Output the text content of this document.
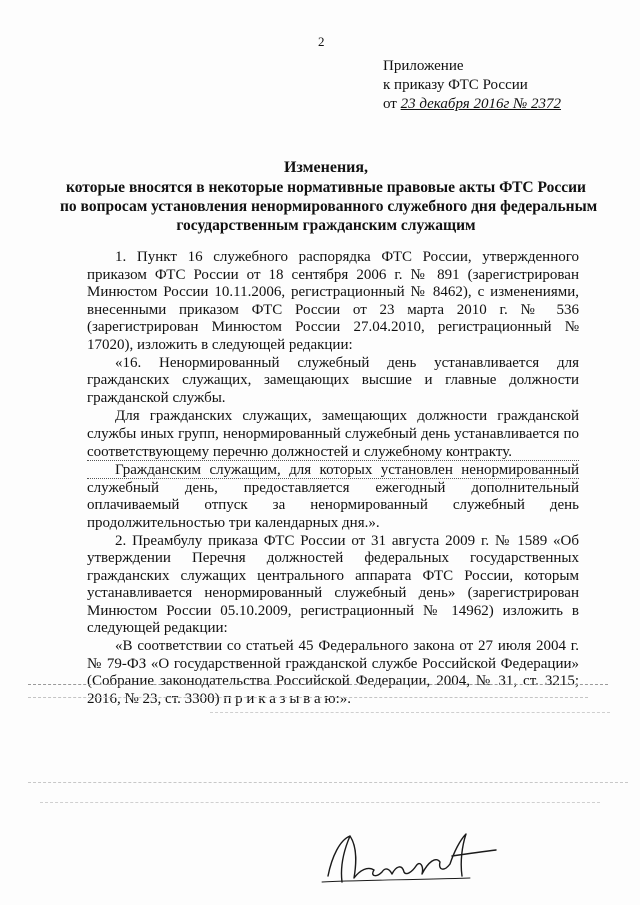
2
Приложение
к приказу ФТС России
от 23 декабря 2016г № 2372
Изменения,
которые вносятся в некоторые нормативные правовые акты ФТС России
по вопросам установления ненормированного служебного дня федеральным
государственным гражданским служащим

1. Пункт 16 служебного распорядка ФТС России, утвержденного приказом ФТС России от 18 сентября 2006 г. № 891 (зарегистрирован Минюстом России 10.11.2006, регистрационный № 8462), с изменениями, внесенными приказом ФТС России от 23 марта 2010 г. № 536 (зарегистрирован Минюстом России 27.04.2010, регистрационный № 17020), изложить в следующей редакции:

«16. Ненормированный служебный день устанавливается для гражданских служащих, замещающих высшие и главные должности гражданской службы.

Для гражданских служащих, замещающих должности гражданской службы иных групп, ненормированный служебный день устанавливается по соответствующему перечню должностей и служебному контракту.

Гражданским служащим, для которых установлен ненормированный служебный день, предоставляется ежегодный дополнительный оплачиваемый отпуск за ненормированный служебный день продолжительностью три календарных дня.».

2. Преамбулу приказа ФТС России от 31 августа 2009 г. № 1589 «Об утверждении Перечня должностей федеральных государственных гражданских служащих центрального аппарата ФТС России, которым устанавливается ненормированный служебный день» (зарегистрирован Минюстом России 05.10.2009, регистрационный № 14962) изложить в следующей редакции:

«В соответствии со статьей 45 Федерального закона от 27 июля 2004 г. № 79-ФЗ «О государственной гражданской службе Российской Федерации» (Собрание законодательства Российской Федерации, 2004, № 31, ст. 3215; 2016, № 23, ст. 3300) п р и к а з ы в а ю:».
